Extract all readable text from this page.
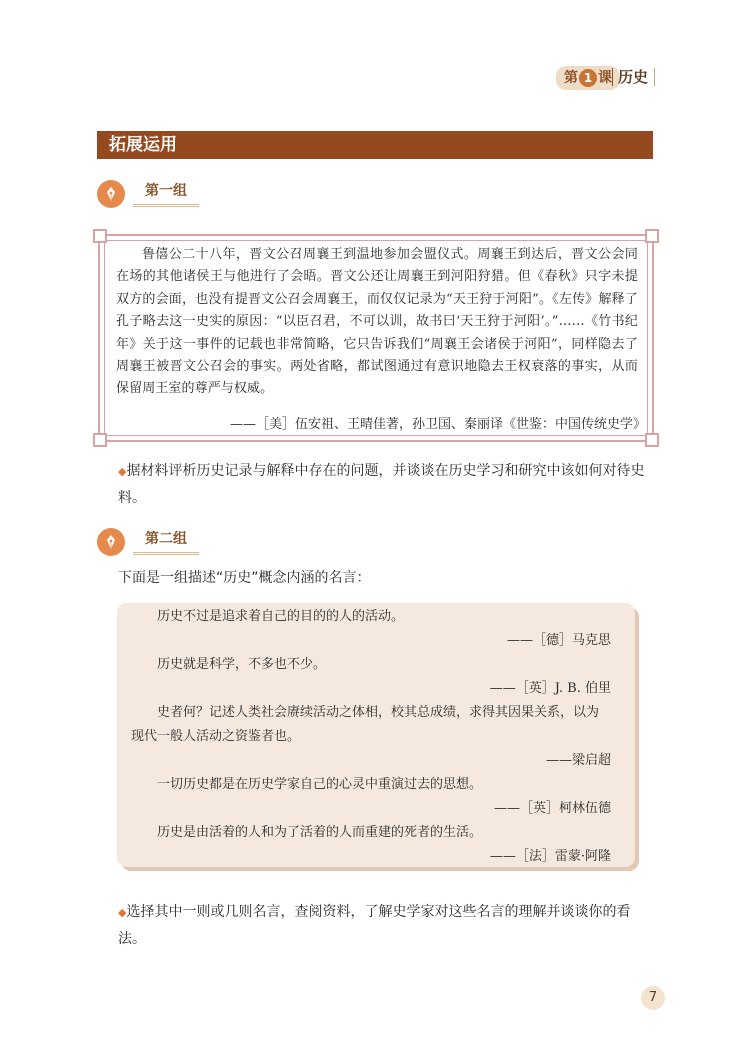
第 1 课 历史
拓展运用
第一组
鲁僖公二十八年，晋文公召周襄王到温地参加会盟仪式。周襄王到达后，晋文公会同在场的其他诸侯王与他进行了会晤。晋文公还让周襄王到河阳狩猎。但《春秋》只字未提双方的会面，也没有提晋文公召会周襄王，而仅仅记录为“天王狩于河阳”。《左传》解释了孔子略去这一史实的原因：“以臣召君，不可以训，故书曰‘天王狩于河阳’。”……《竹书纪年》关于这一事件的记载也非常简略，它只告诉我们“周襄王会诸侯于河阳”，同样隐去了周襄王被晋文公召会的事实。两处省略，都试图通过有意识地隐去王权衰落的事实，从而保留周王室的尊严与权威。
——［美］伍安祖、王晴佳著，孙卫国、秦丽译《世鉴：中国传统史学》
◆据材料评析历史记录与解释中存在的问题，并谈谈在历史学习和研究中该如何对待史料。
第二组
下面是一组描述“历史”概念内涵的名言：
历史不过是追求着自己的目的的人的活动。
——［德］马克思
历史就是科学，不多也不少。
——［英］J. B. 伯里
史者何？记述人类社会赓续活动之体相，校其总成绩，求得其因果关系，以为现代一般人活动之资鉴者也。
——梁启超
一切历史都是在历史学家自己的心灵中重演过去的思想。
——［英］柯林伍德
历史是由活着的人和为了活着的人而重建的死者的生活。
——［法］雷蒙·阿隆
◆选择其中一则或几则名言，查阅资料，了解史学家对这些名言的理解并谈谈你的看法。
7
